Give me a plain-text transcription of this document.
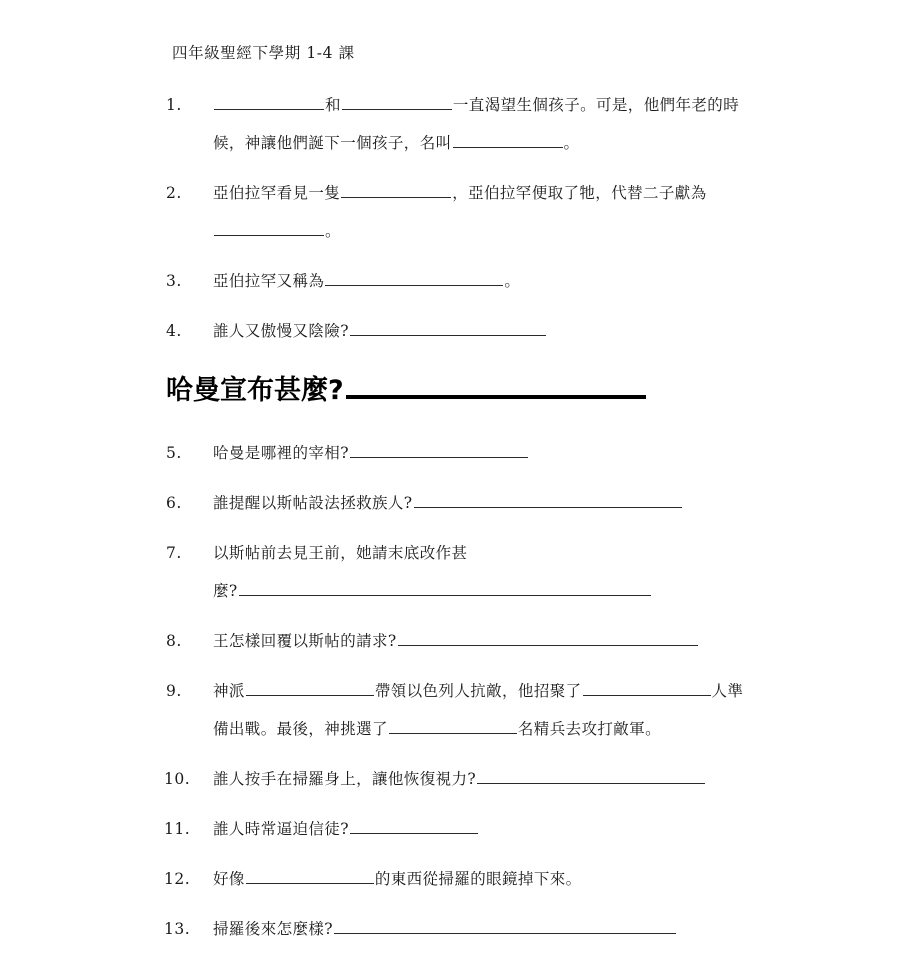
四年級聖經下學期 1-4 課
1.	和	一直渴望生個孩子。可是，他們年老的時
候，神讓他們誕下一個孩子，名叫	。
2.	亞伯拉罕看見一隻	，亞伯拉罕便取了牠，代替二子獻為
。
3.	亞伯拉罕又稱為	。
4.	誰人又傲慢又陰險?
哈曼宣布甚麼?
5.	哈曼是哪裡的宰相?
6.	誰提醒以斯帖設法拯救族人?
7.	以斯帖前去見王前，她請末底改作甚
麼?
8.	王怎樣回覆以斯帖的請求?
9.	神派	帶領以色列人抗敵，他招聚了	人準
備出戰。最後，神挑選了	名精兵去攻打敵軍。
10.	誰人按手在掃羅身上，讓他恢復視力?
11.	誰人時常逼迫信徒?
12.	好像	的東西從掃羅的眼鏡掉下來。
13.	掃羅後來怎麼樣?
